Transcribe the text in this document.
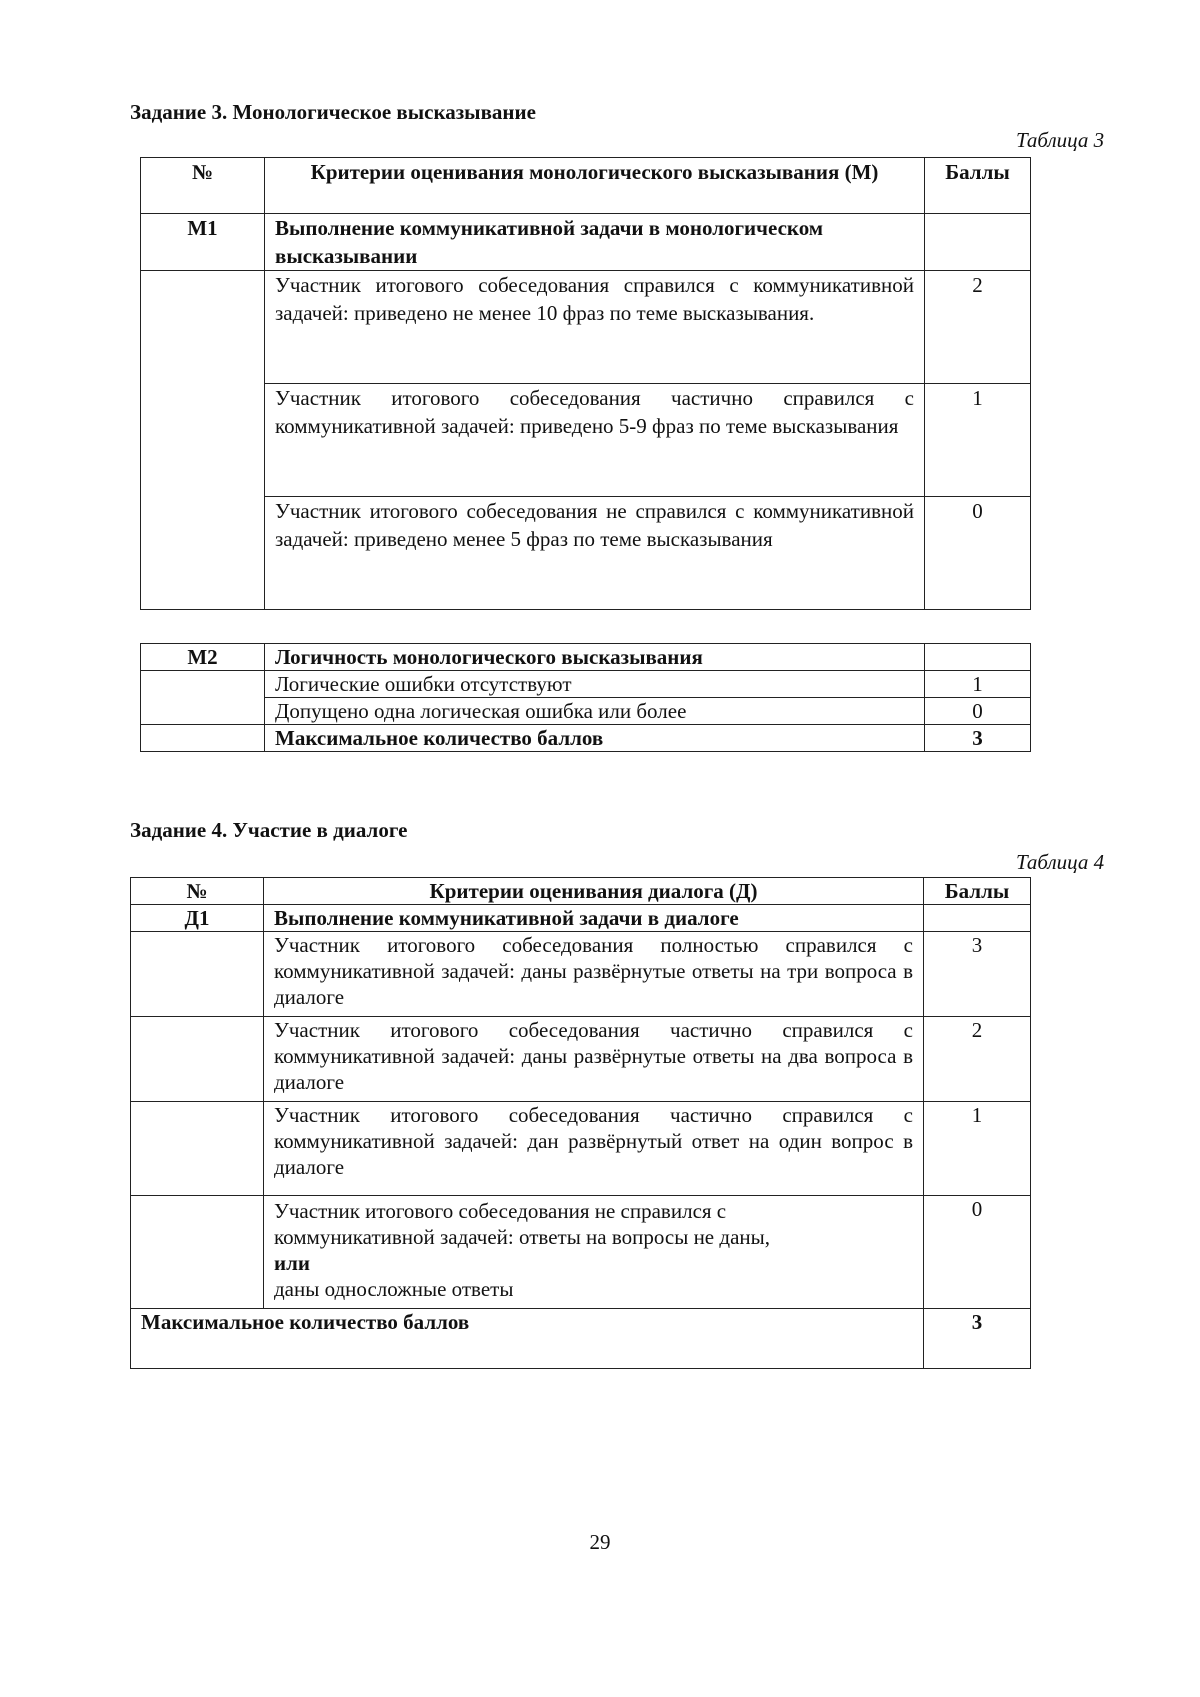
Задание 3. Монологическое высказывание
Таблица 3
№	Критерии оценивания монологического высказывания (М)	Баллы
М1	Выполнение коммуникативной задачи в монологическом высказывании	
	Участник итогового собеседования справился с коммуникативной задачей: приведено не менее 10 фраз по теме высказывания.	2
	Участник итогового собеседования частично справился с коммуникативной задачей: приведено 5-9 фраз по теме высказывания	1
	Участник итогового собеседования не справился с коммуникативной задачей: приведено менее 5 фраз по теме высказывания	0
М2	Логичность монологического высказывания	
	Логические ошибки отсутствуют	1
	Допущено одна логическая ошибка или более	0
	Максимальное количество баллов	3
Задание 4. Участие в диалоге
Таблица 4
№	Критерии оценивания диалога (Д)	Баллы
Д1	Выполнение коммуникативной задачи в диалоге	
	Участник итогового собеседования полностью справился с коммуникативной задачей: даны развёрнутые ответы на три вопроса в диалоге	3
	Участник итогового собеседования частично справился с коммуникативной задачей: даны развёрнутые ответы на два вопроса в диалоге	2
	Участник итогового собеседования частично справился с коммуникативной задачей: дан развёрнутый ответ на один вопрос в диалоге	1

	Участник итогового собеседования не справился с
коммуникативной задачей: ответы на вопросы не даны,
или
даны односложные ответы	0
Максимальное количество баллов		3
29
